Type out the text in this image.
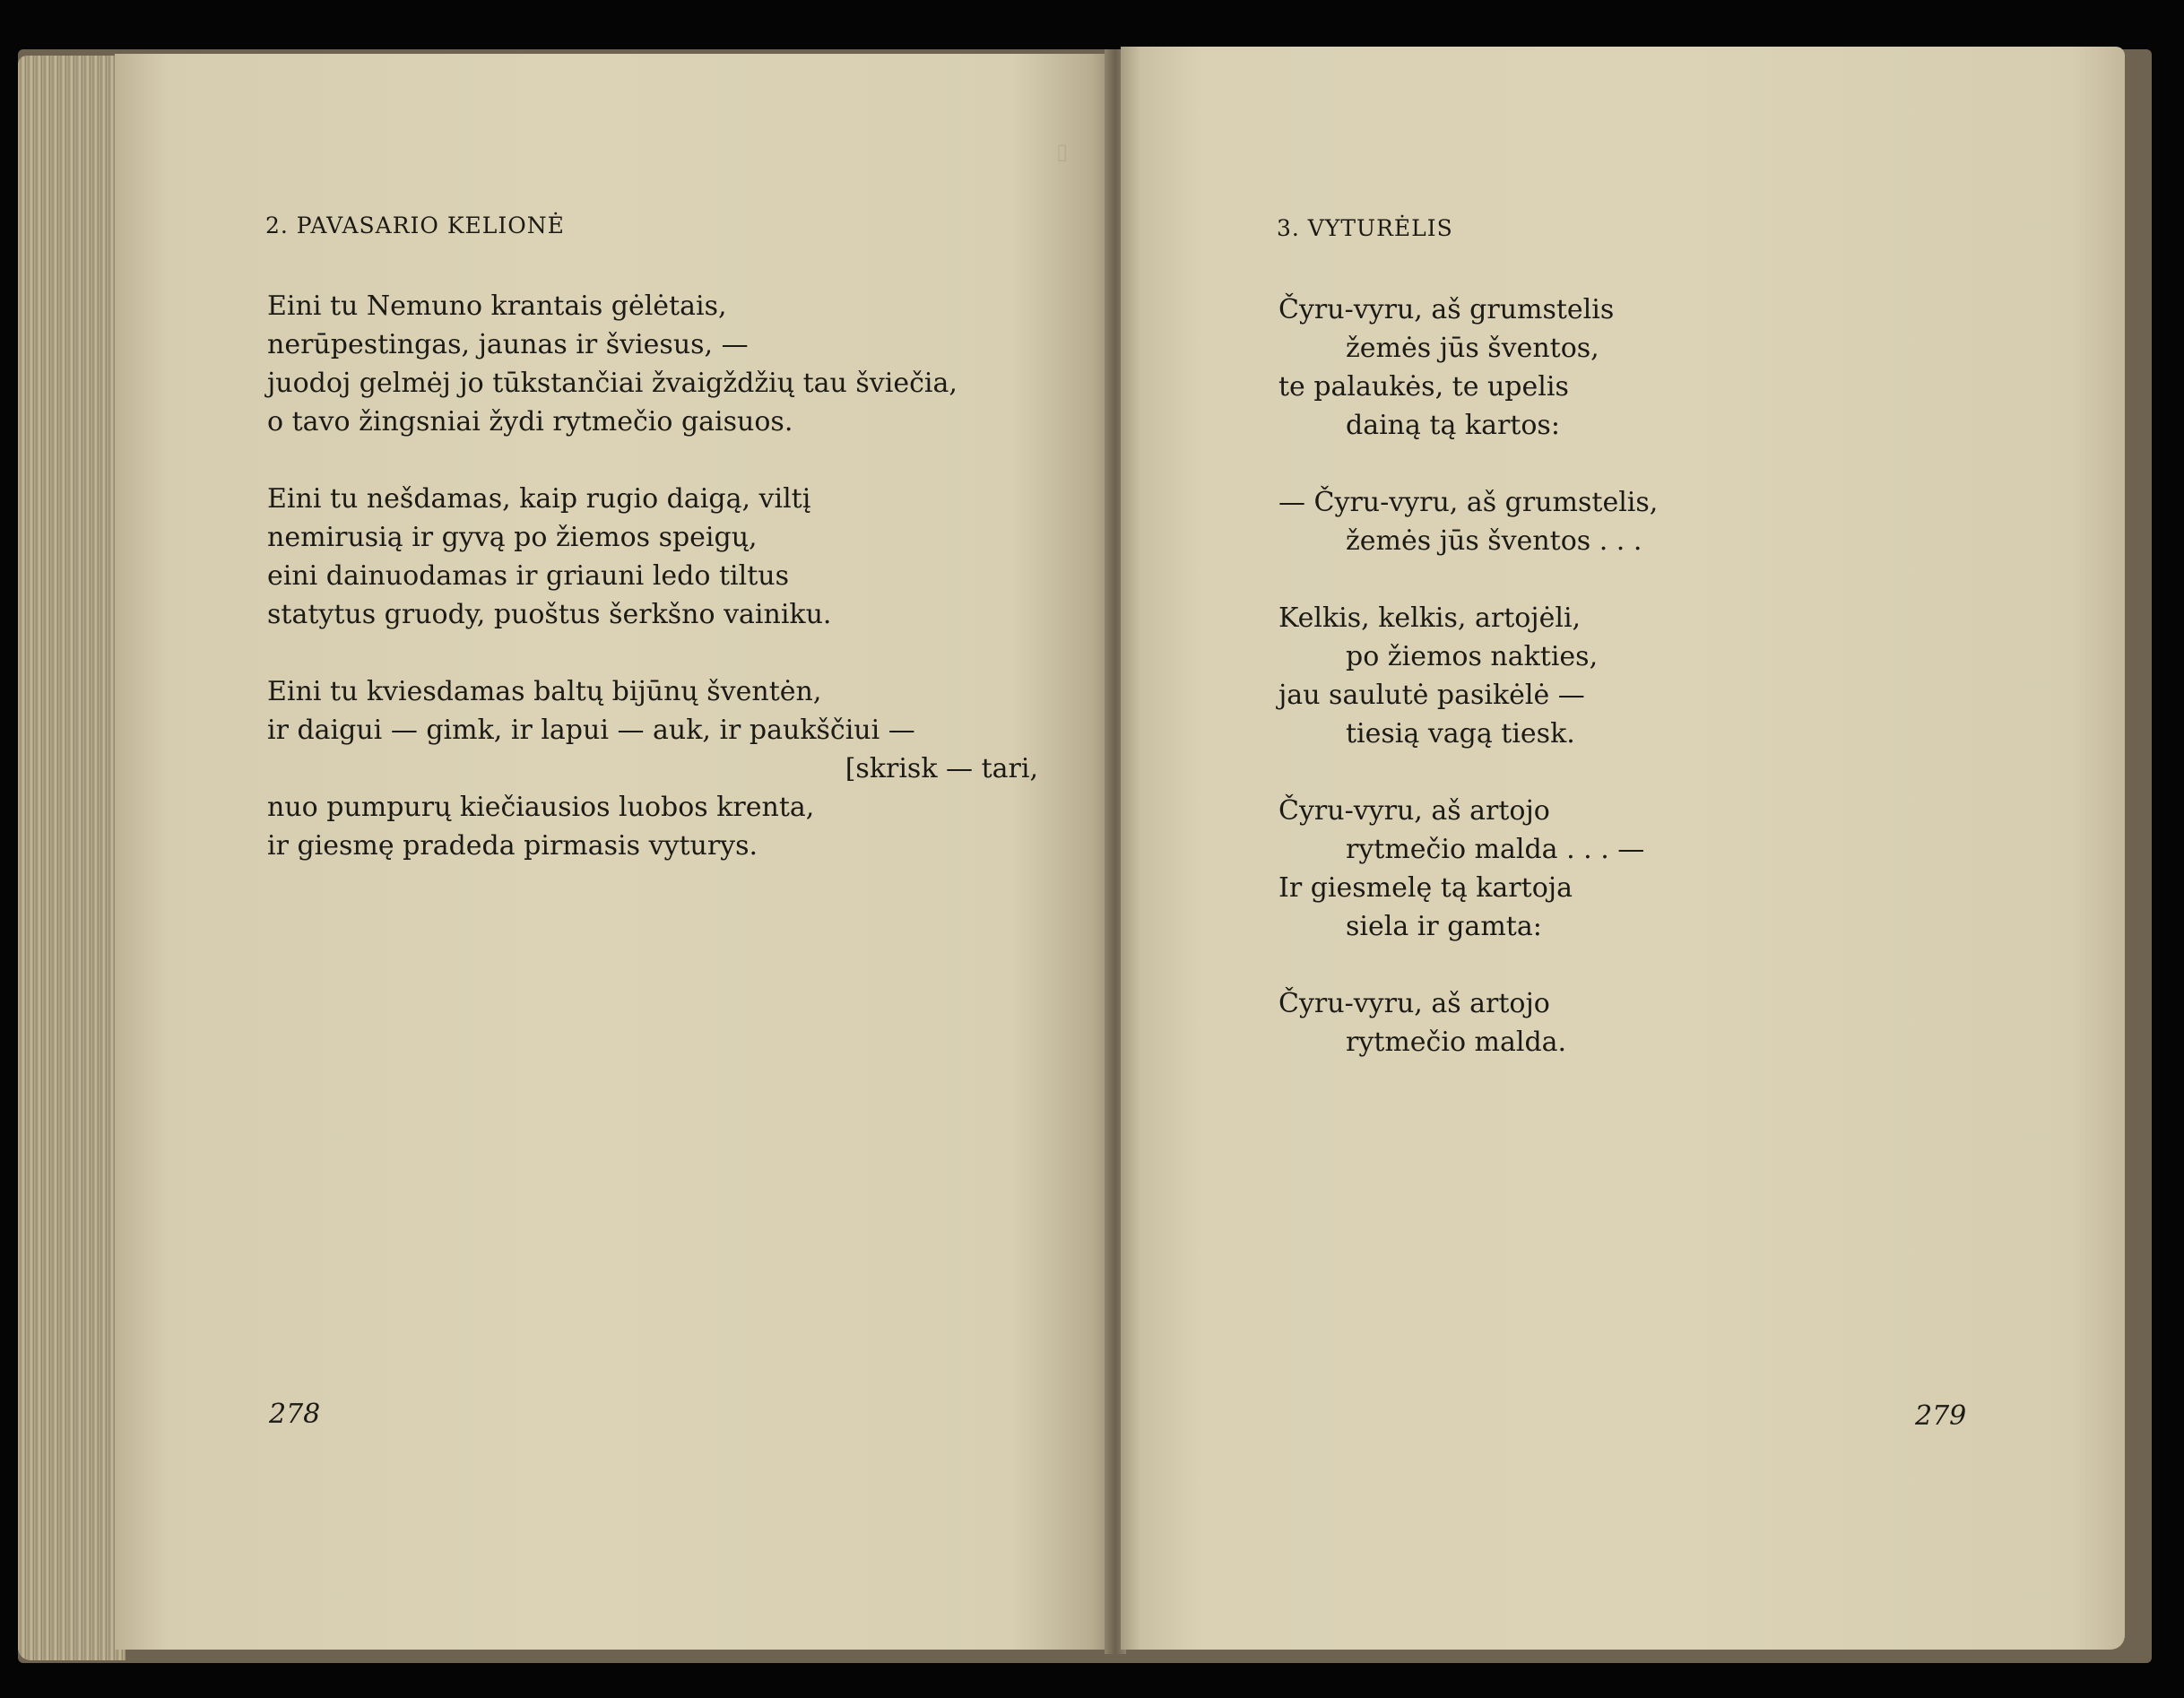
▯
2. PAVASARIO KELIONĖ
Eini tu Nemuno krantais gėlėtais,
nerūpestingas, jaunas ir šviesus, —
juodoj gelmėj jo tūkstančiai žvaigždžių tau šviečia,
o tavo žingsniai žydi rytmečio gaisuos.
Eini tu nešdamas, kaip rugio daigą, viltį
nemirusią ir gyvą po žiemos speigų,
eini dainuodamas ir griauni ledo tiltus
statytus gruody, puoštus šerkšno vainiku.
Eini tu kviesdamas baltų bijūnų šventėn,
ir daigui — gimk, ir lapui — auk, ir paukščiui —
[skrisk — tari,
nuo pumpurų kiečiausios luobos krenta,
ir giesmę pradeda pirmasis vyturys.
278
3. VYTURĖLIS
Čyru-vyru, aš grumstelis
žemės jūs šventos,
te palaukės, te upelis
dainą tą kartos:
— Čyru-vyru, aš grumstelis,
žemės jūs šventos . . .
Kelkis, kelkis, artojėli,
po žiemos nakties,
jau saulutė pasikėlė —
tiesią vagą tiesk.
Čyru-vyru, aš artojo
rytmečio malda . . . —
Ir giesmelę tą kartoja
siela ir gamta:
Čyru-vyru, aš artojo
rytmečio malda.
279
